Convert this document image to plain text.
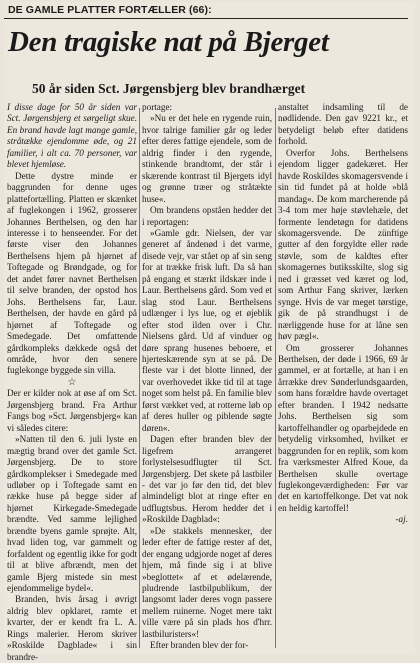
DE GAMLE PLATTER FORTÆLLER (66):
Den tragiske nat på Bjerget
50 år siden Sct. Jørgensbjerg blev brandhærget

I disse dage for 50 år siden var Sct. Jørgensbjerg et sørgeligt skue. En brand havde lagt mange gamle, stråtække ejendomme øde, og 21 familier, i alt ca. 70 personer, var blevet hjemløse.

Dette dystre minde er baggrunden for denne uges plattefortælling. Platten er skænket af fuglekongen i 1962, grosserer Johannes Berthelsen, og den har interesse i to henseender. For det første viser den Johannes Berthelsens hjem på hjørnet af Toftegade og Brøndgade, og for det andet fører navnet Berthelsen til selve branden, der opstod hos Johs. Berthelsens far, Laur. Berthelsen, der havde en gård på hjørnet af Toftegade og Smedegade. Det omfattende gårdkompleks dækkede også det område, hvor den senere fuglekonge byggede sin villa.

☆

Der er kilder nok at øse af om Sct. Jørgensbjerg brand. Fra Arthur Fangs bog »Sct. Jørgensbjerg« kan vi således citere:

»Natten til den 6. juli lyste en mægtig brand over det gamle Sct. Jørgensbjerg. De to store gårdkomplekser i Smedegade med udløber op i Toftegade samt en række huse på begge sider af hjørnet Kirkegade-Smedegade brændte. Ved samme lejlighed brændte byens gamle sprøjte. Alt, hvad liden tog, var gammelt og forfaldent og egentlig ikke for godt til at blive afbrændt, men det gamle Bjerg mistede sin mest ejendommelige bydel«.

Branden, hvis årsag i øvrigt aldrig blev opklaret, ramte et kvarter, der er kendt fra L. A. Rings malerier. Herom skriver »Roskilde Dagblade« i sin brandre-

portage:

»Nu er det hele en rygende ruin, hvor talrige familier går og leder efter deres fattige ejendele, som de aldrig finder i den rygende, stinkende brandtomt, der står i skærende kontrast til Bjergets idyl og grønne træer og stråtækte huse«.

Om brandens opståen hedder det i reportagen:

»Gamle gdr. Nielsen, der var generet af åndenød i det varme, disede vejr, var stået op af sin seng for at trække frisk luft. Da så han på engang et stærkt ildskær inde i Laur. Berthelsens gård. Som ved et slag stod Laur. Berthelsens udlænger i lys lue, og et øjeblik efter stod ilden over i Chr. Nielsens gård. Ud af vinduer og døre sprang husenes beboere, et hjerteskærende syn at se på. De fleste var i det blotte linned, der var overhovedet ikke tid til at tage noget som helst på. En familie blev først vækket ved, at rotterne løb op af deres huller og piblende søgte døren«.

Dagen efter branden blev der ligefrem arrangeret forlystelsesudflugter til Sct. Jørgensbjerg. Det skete på lastbiler - det var jo før den tid, det blev almindeligt blot at ringe efter en udflugtsbus. Herom hedder det i »Roskilde Dagblad«:

»De stakkels mennesker, der leder efter de fattige rester af det, der engang udgjorde noget af deres hjem, må finde sig i at blive »beglottet« af et ødelærende, pludrende lastbilpublikum, der langsomt lader deres vogn passere mellem ruinerne. Noget mere takt ville være på sin plads hos d'hrr. lastbiluristers«!

Efter branden blev der for-

anstaltet indsamling til de nødlidende. Den gav 9221 kr., et betydeligt beløb efter datidens forhold.

Overfor Johs. Berthelsens ejendom ligger gadekæret. Her havde Roskildes skomagersvende i sin tid fundet på at holde »blå mandag«. De kom marcherende på 3-4 tom mer høje støvlehæle, det formente lendetøgn for datidens skomagersvende. De zünftige gutter af den forgyldte eller røde støvle, som de kaldtes efter skomagernes butiksskilte, slog sig ned i græsset ved kæret og lod, som Arthur Fang skriver, lærken synge. Hvis de var meget tørstige, gik de på strandhugst i de nærliggende huse for at låne sen høv pægl«.

Om grosserer Johannes Berthelsen, der døde i 1966, 69 år gammel, er at fortælle, at han i en årrække drev Sønderlundsgaarden, som hans forældre havde overtaget efter branden. I 1942 nedsatte Johs. Berthelsen sig som kartoffelhandler og oparbejdede en betydelig virksomhed, hvilket er baggrunden for en replik, som kom fra værksmester Alfred Koue, da Berthelsen skulle overtage fuglekongeværdigheden: Før var det en kartoffelkonge. Det vat nok en heldig kartoffel!

-aj.
